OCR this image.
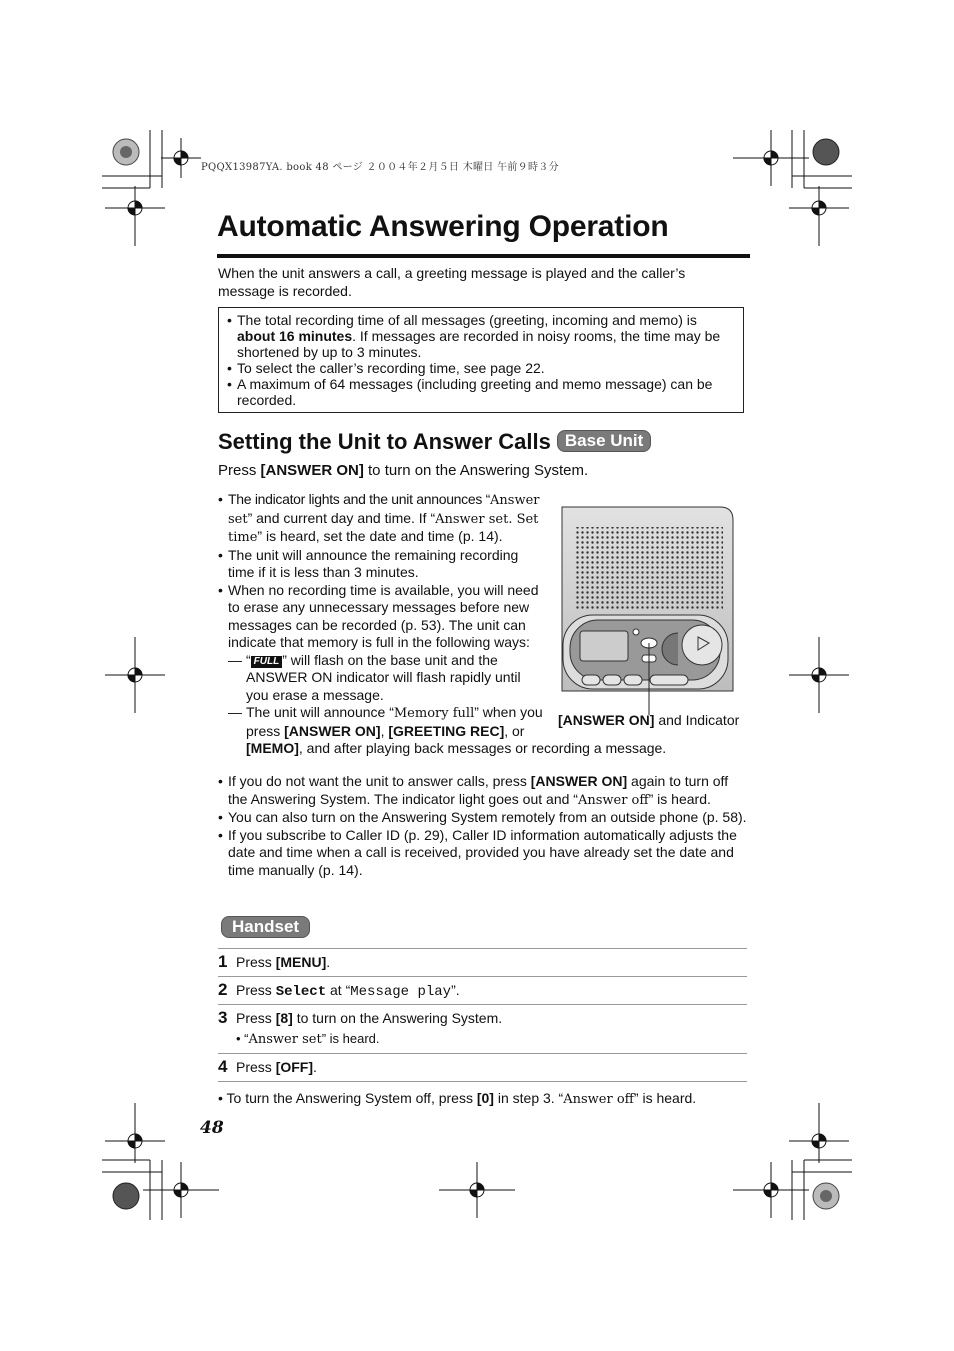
PQQX13987YA. book 48 ページ ２００４年２月５日 木曜日 午前９時３分
Automatic Answering Operation
When the unit answers a call, a greeting message is played and the caller’s message is recorded.

• The total recording time of all messages (greeting, incoming and memo) is about 16 minutes. If messages are recorded in noisy rooms, the time may be shortened by up to 3 minutes.

• To select the caller’s recording time, see page 22.

• A maximum of 64 messages (including greeting and memo message) can be recorded.

Setting the Unit to Answer Calls Base Unit
Press [ANSWER ON] to turn on the Answering System.

• The indicator lights and the unit announces “Answer set” and current day and time. If “Answer set. Set time” is heard, set the date and time (p. 14).

• The unit will announce the remaining recording time if it is less than 3 minutes.

• When no recording time is available, you will need to erase any unnecessary messages before new messages can be recorded (p. 53). The unit can indicate that memory is full in the following ways:

— “ FULL ” will flash on the base unit and the ANSWER ON indicator will flash rapidly until you erase a message.

— The unit will announce “Memory full” when you press [ANSWER ON], [GREETING REC], or [MEMO], and after playing back messages or recording a message.

• If you do not want the unit to answer calls, press [ANSWER ON] again to turn off the Answering System. The indicator light goes out and “Answer off” is heard.

• You can also turn on the Answering System remotely from an outside phone (p. 58).

• If you subscribe to Caller ID (p. 29), Caller ID information automatically adjusts the date and time when a call is received, provided you have already set the date and time manually (p. 14).

[ANSWER ON] and Indicator
Handset
1 Press [MENU].
2 Press Select at “Message play”.
3 Press [8] to turn on the Answering System.
• “Answer set” is heard.
4 Press [OFF].
• To turn the Answering System off, press [0] in step 3. “Answer off” is heard.
48
